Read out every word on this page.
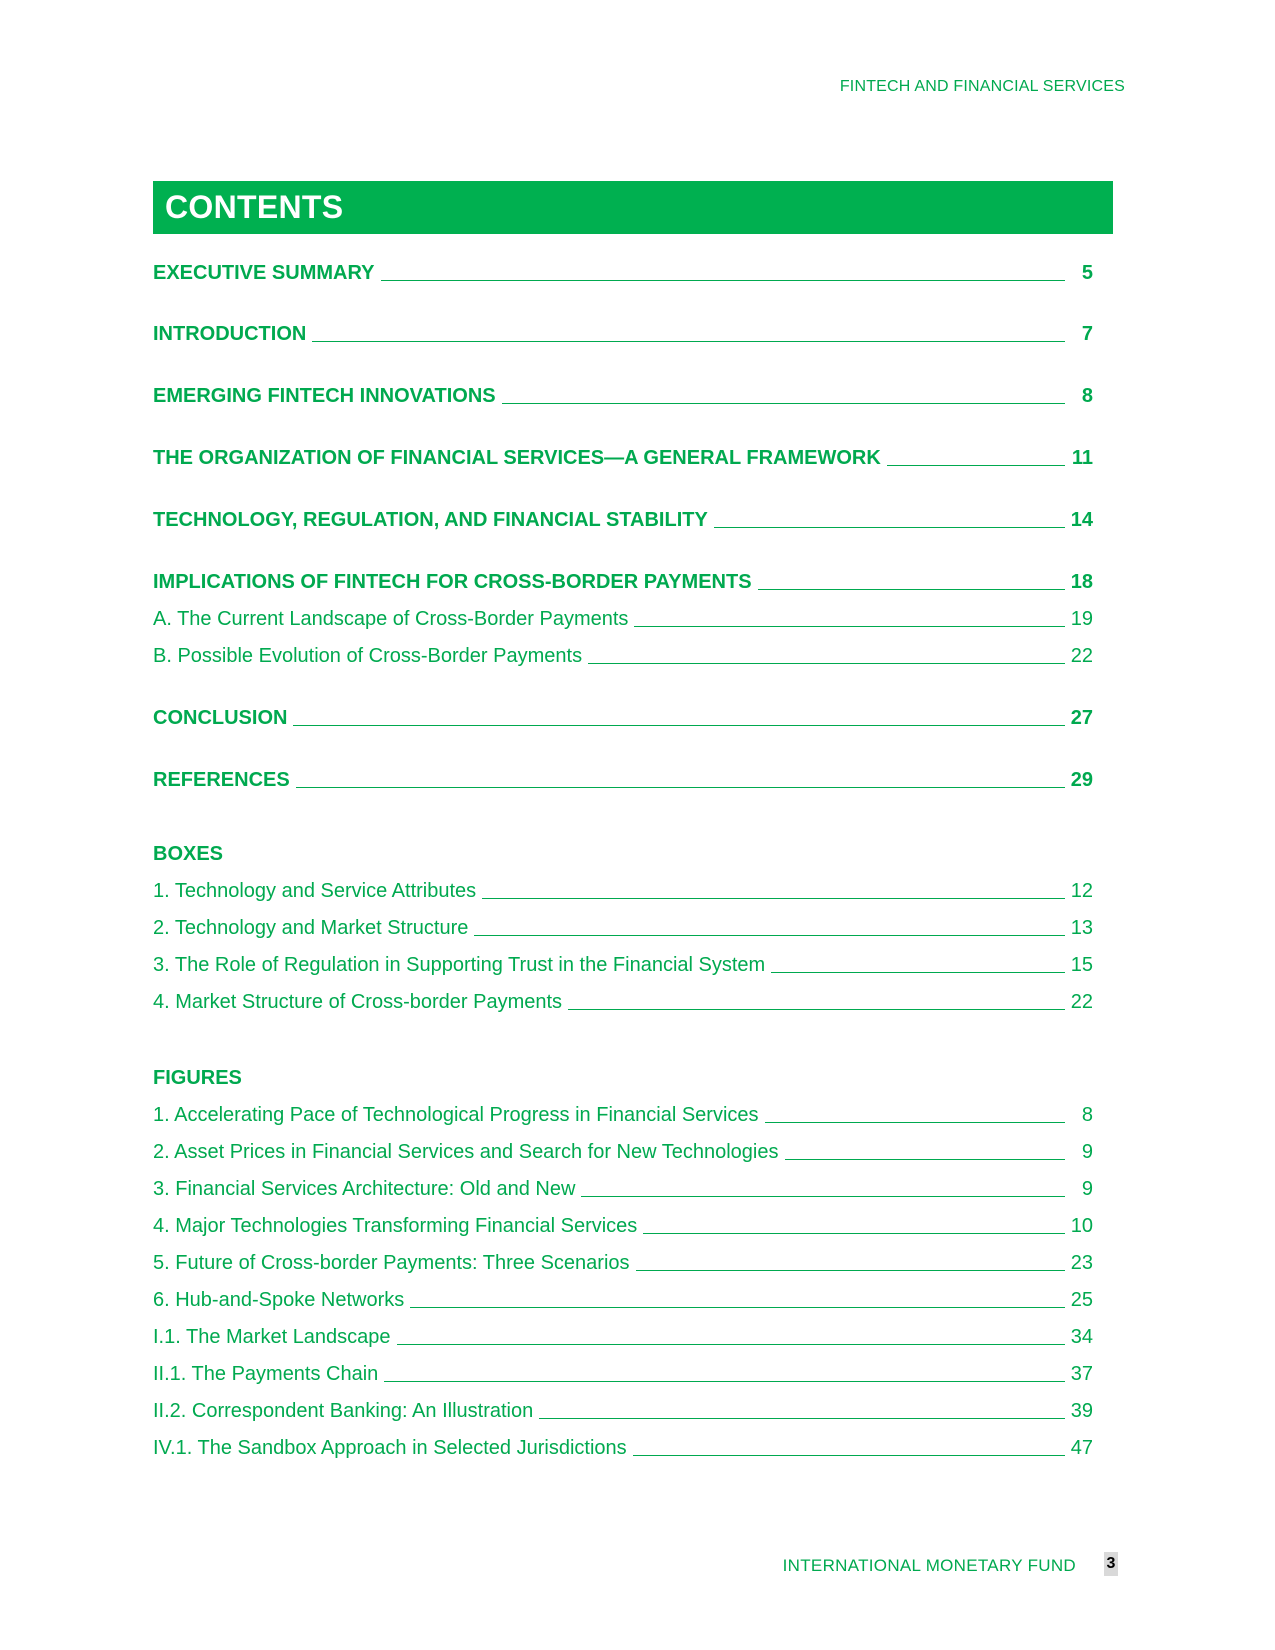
FINTECH AND FINANCIAL SERVICES
CONTENTS
EXECUTIVE SUMMARY	5
INTRODUCTION	7
EMERGING FINTECH INNOVATIONS	8
THE ORGANIZATION OF FINANCIAL SERVICES—A GENERAL FRAMEWORK	11
TECHNOLOGY, REGULATION, AND FINANCIAL STABILITY	14
IMPLICATIONS OF FINTECH FOR CROSS-BORDER PAYMENTS	18
A. The Current Landscape of Cross-Border Payments	19
B. Possible Evolution of Cross-Border Payments	22
CONCLUSION	27
REFERENCES	29
BOXES
1. Technology and Service Attributes	12
2. Technology and Market Structure	13
3. The Role of Regulation in Supporting Trust in the Financial System	15
4. Market Structure of Cross-border Payments	22
FIGURES
1. Accelerating Pace of Technological Progress in Financial Services	8
2. Asset Prices in Financial Services and Search for New Technologies	9
3. Financial Services Architecture: Old and New	9
4. Major Technologies Transforming Financial Services	10
5. Future of Cross-border Payments: Three Scenarios	23
6. Hub-and-Spoke Networks	25
I.1. The Market Landscape	34
II.1. The Payments Chain	37
II.2. Correspondent Banking: An Illustration	39
IV.1. The Sandbox Approach in Selected Jurisdictions	47
INTERNATIONAL MONETARY FUND 3
